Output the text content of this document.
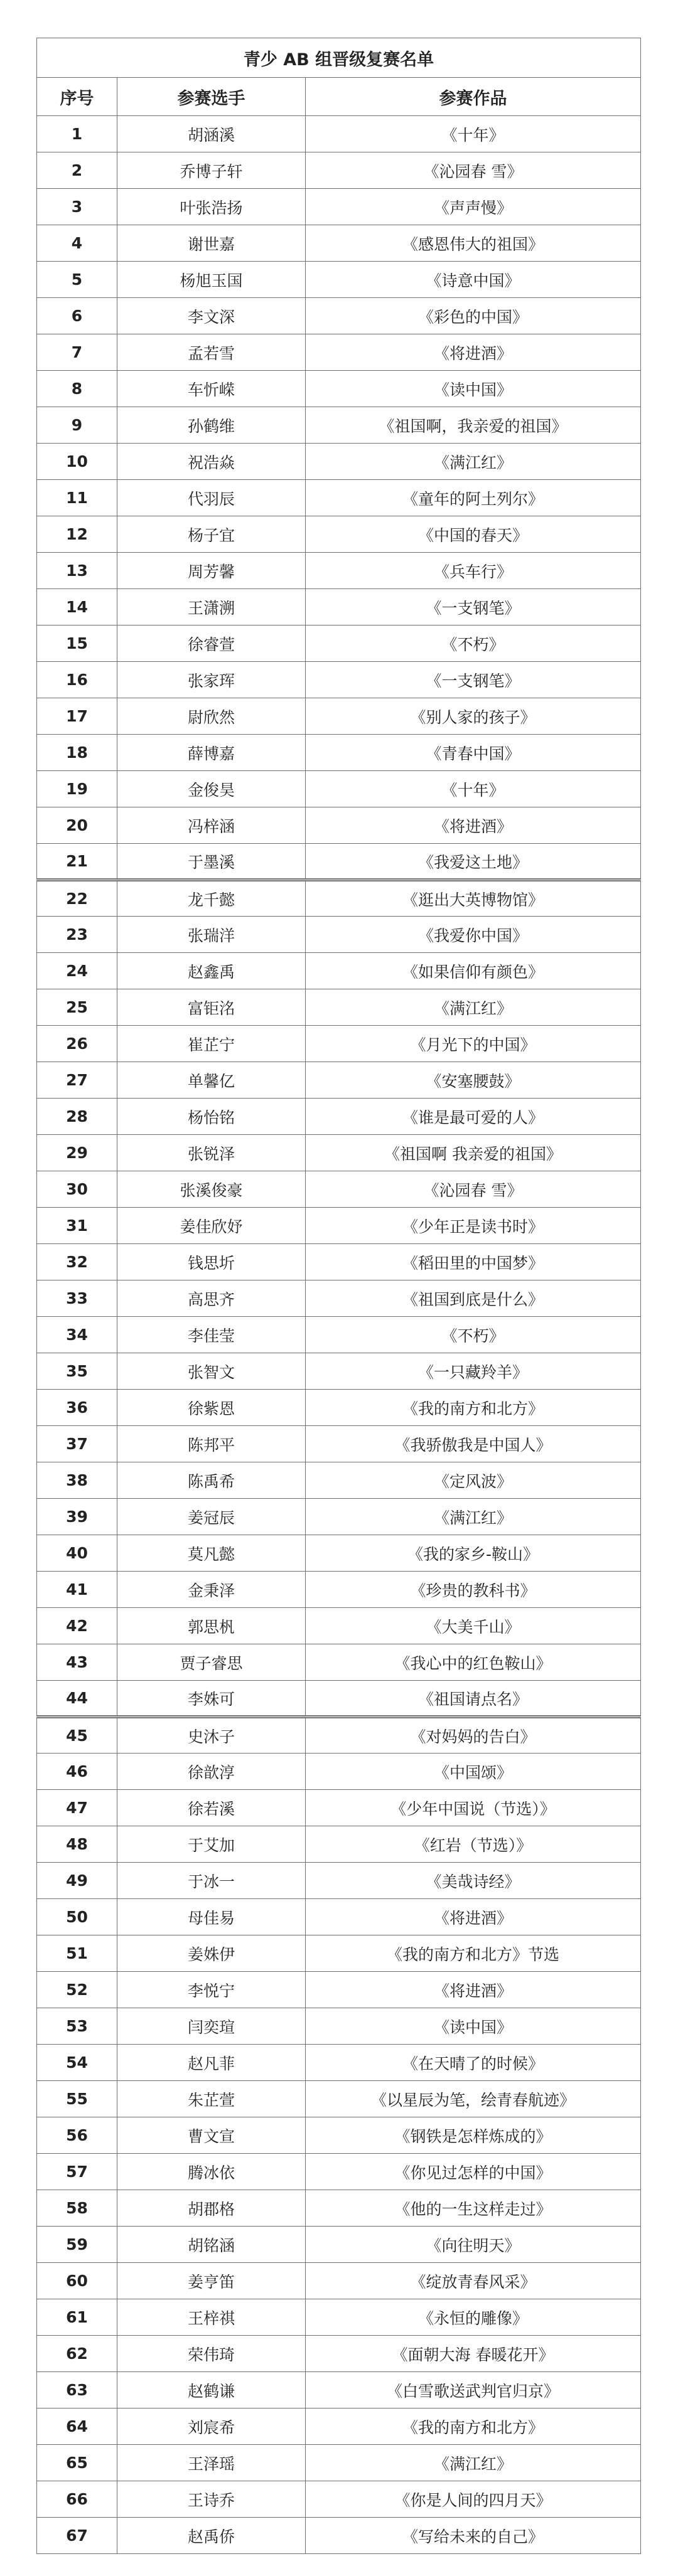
青少 AB 组晋级复赛名单		
序号	参赛选手	参赛作品
1	胡涵溪	《十年》
2	乔博子轩	《沁园春 雪》
3	叶张浩扬	《声声慢》
4	谢世嘉	《感恩伟大的祖国》
5	杨旭玉国	《诗意中国》
6	李文深	《彩色的中国》
7	孟若雪	《将进酒》
8	车忻嵘	《读中国》
9	孙鹤维	《祖国啊，我亲爱的祖国》
10	祝浩焱	《满江红》
11	代羽辰	《童年的阿土列尔》
12	杨子宜	《中国的春天》
13	周芳馨	《兵车行》
14	王潇溯	《一支钢笔》
15	徐睿萱	《不朽》
16	张家珲	《一支钢笔》
17	尉欣然	《别人家的孩子》
18	薛博嘉	《青春中国》
19	金俊昊	《十年》
20	冯梓涵	《将进酒》
21	于墨溪	《我爱这土地》
22	龙千懿	《逛出大英博物馆》
23	张瑞洋	《我爱你中国》
24	赵鑫禹	《如果信仰有颜色》
25	富钜洺	《满江红》
26	崔芷宁	《月光下的中国》
27	单馨亿	《安塞腰鼓》
28	杨怡铭	《谁是最可爱的人》
29	张锐泽	《祖国啊 我亲爱的祖国》
30	张溪俊豪	《沁园春 雪》
31	姜佳欣妤	《少年正是读书时》
32	钱思圻	《稻田里的中国梦》
33	高思齐	《祖国到底是什么》
34	李佳莹	《不朽》
35	张智文	《一只藏羚羊》
36	徐紫恩	《我的南方和北方》
37	陈邦平	《我骄傲我是中国人》
38	陈禹希	《定风波》
39	姜冠辰	《满江红》
40	莫凡懿	《我的家乡-鞍山》
41	金秉泽	《珍贵的教科书》
42	郭思杋	《大美千山》
43	贾子睿思	《我心中的红色鞍山》
44	李姝可	《祖国请点名》
45	史沐子	《对妈妈的告白》
46	徐歆淳	《中国颂》
47	徐若溪	《少年中国说（节选）》
48	于艾加	《红岩（节选）》
49	于冰一	《美哉诗经》
50	母佳易	《将进酒》
51	姜姝伊	《我的南方和北方》节选
52	李悦宁	《将进酒》
53	闫奕瑄	《读中国》
54	赵凡菲	《在天晴了的时候》
55	朱芷萱	《以星辰为笔，绘青春航迹》
56	曹文宣	《钢铁是怎样炼成的》
57	腾冰依	《你见过怎样的中国》
58	胡郡格	《他的一生这样走过》
59	胡铭涵	《向往明天》
60	姜亨笛	《绽放青春风采》
61	王梓祺	《永恒的雕像》
62	荣伟琦	《面朝大海 春暖花开》
63	赵鹤谦	《白雪歌送武判官归京》
64	刘宸希	《我的南方和北方》
65	王泽瑶	《满江红》
66	王诗乔	《你是人间的四月天》
67	赵禹侨	《写给未来的自己》
